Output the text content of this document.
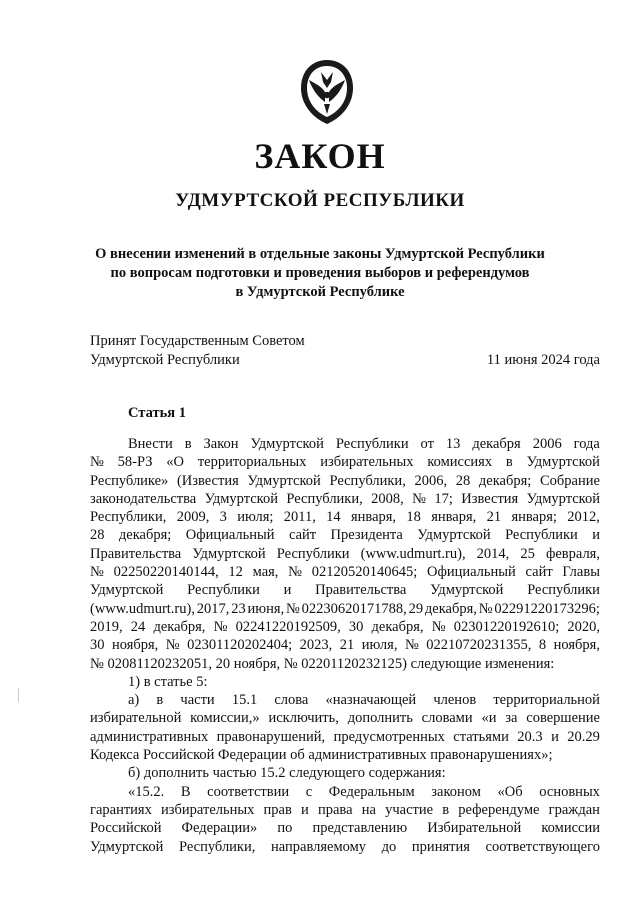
ЗАКОН
УДМУРТСКОЙ РЕСПУБЛИКИ
О внесении изменений в отдельные законы Удмуртской Республики
по вопросам подготовки и проведения выборов и референдумов
в Удмуртской Республике
Принят Государственным Советом
Удмуртской Республики	11 июня 2024 года
Статья 1
Внести в Закон Удмуртской Республики от 13 декабря 2006 года
№ 58-РЗ «О территориальных избирательных комиссиях в Удмуртской
Республике» (Известия Удмуртской Республики, 2006, 28 декабря; Собрание
законодательства Удмуртской Республики, 2008, № 17; Известия Удмуртской
Республики, 2009, 3 июля; 2011, 14 января, 18 января, 21 января; 2012,
28 декабря; Официальный сайт Президента Удмуртской Республики и
Правительства Удмуртской Республики (www.udmurt.ru), 2014, 25 февраля,
№ 02250220140144, 12 мая, № 02120520140645; Официальный сайт Главы
Удмуртской Республики и Правительства Удмуртской Республики
(www.udmurt.ru), 2017, 23 июня, № 02230620171788, 29 декабря, № 02291220173296;
2019, 24 декабря, № 02241220192509, 30 декабря, № 02301220192610; 2020,
30 ноября, № 02301120202404; 2023, 21 июля, № 02210720231355, 8 ноября,
№ 02081120232051, 20 ноября, № 02201120232125) следующие изменения:
1) в статье 5:
а) в части 15.1 слова «назначающей членов территориальной
избирательной комиссии,» исключить, дополнить словами «и за совершение
административных правонарушений, предусмотренных статьями 20.3 и 20.29
Кодекса Российской Федерации об административных правонарушениях»;
б) дополнить частью 15.2 следующего содержания:
«15.2. В соответствии с Федеральным законом «Об основных
гарантиях избирательных прав и права на участие в референдуме граждан
Российской Федерации» по представлению Избирательной комиссии
Удмуртской Республики, направляемому до принятия соответствующего
